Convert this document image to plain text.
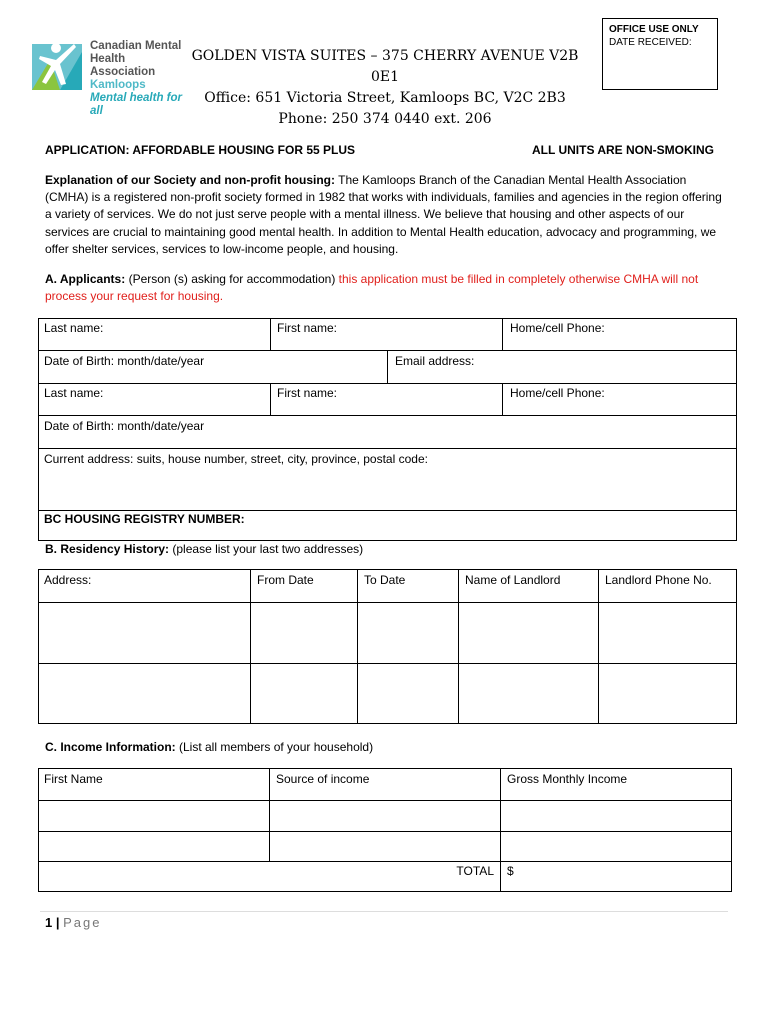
Canadian Mental
Health Association
Kamloops
Mental health for all
GOLDEN VISTA SUITES – 375 CHERRY AVENUE V2B 0E1
Office: 651 Victoria Street, Kamloops BC, V2C 2B3
Phone: 250 374 0440 ext. 206
OFFICE USE ONLY
DATE RECEIVED:
APPLICATION: AFFORDABLE HOUSING FOR 55 PLUS	ALL UNITS ARE NON-SMOKING
Explanation of our Society and non-profit housing: The Kamloops Branch of the Canadian Mental Health Association (CMHA) is a registered non-profit society formed in 1982 that works with individuals, families and agencies in the region offering a variety of services. We do not just serve people with a mental illness. We believe that housing and other aspects of our services are crucial to maintaining good mental health. In addition to Mental Health education, advocacy and programming, we offer shelter services, services to low-income people, and housing.
A. Applicants: (Person (s) asking for accommodation) this application must be filled in completely otherwise CMHA will not process your request for housing.
Last name:	First name:	Home/cell Phone:
Date of Birth: month/date/year	Email address:
Last name:	First name:	Home/cell Phone:
Date of Birth: month/date/year
Current address: suits, house number, street, city, province, postal code:
BC HOUSING REGISTRY NUMBER:
B. Residency History: (please list your last two addresses)
Address:	From Date	To Date	Name of Landlord	Landlord Phone No.
C. Income Information: (List all members of your household)
First Name	Source of income	Gross Monthly Income
TOTAL $
1 | Page
